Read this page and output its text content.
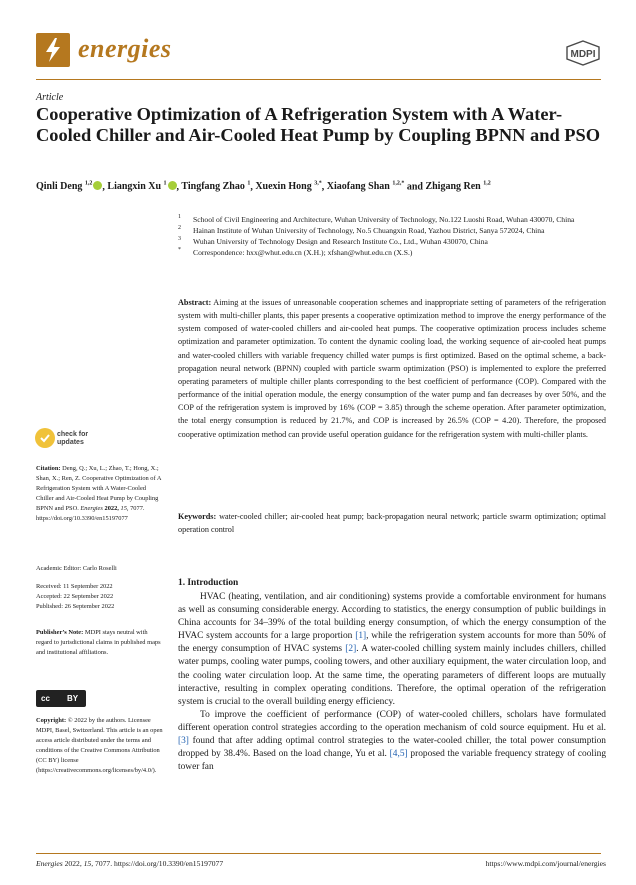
energies	MDPI
Article
Cooperative Optimization of A Refrigeration System with A Water-Cooled Chiller and Air-Cooled Heat Pump by Coupling BPNN and PSO
Qinli Deng $^{1,2}$ , Liangxin Xu $^1$ , Tingfang Zhao $^1$, Xuexin Hong $^{3,*}$, Xiaofang Shan $^{1,2,*}$ and Zhigang Ren $^{1,2}$
1 School of Civil Engineering and Architecture, Wuhan University of Technology, No.122 Luoshi Road, Wuhan 430070, China
2 Hainan Institute of Wuhan University of Technology, No.5 Chuangxin Road, Yazhou District, Sanya 572024, China
3 Wuhan University of Technology Design and Research Institute Co., Ltd., Wuhan 430070, China
* Correspondence: hxx@whut.edu.cn (X.H.); xfshan@whut.edu.cn (X.S.)
Abstract: Aiming at the issues of unreasonable cooperation schemes and inappropriate setting of parameters of the refrigeration system with multi-chiller plants, this paper presents a cooperative optimization method to improve the energy performance of the system composed of water-cooled chillers and air-cooled heat pumps. The cooperative optimization process includes scheme optimization and parameter optimization. To content the dynamic cooling load, the working sequence of air-cooled heat pumps and water-cooled chillers with variable frequency chilled water pumps is first optimized. Based on the optimal scheme, a back-propagation neural network (BPNN) coupled with particle swarm optimization (PSO) is implemented to explore the preferred operating parameters of multiple chiller plants corresponding to the best coefficient of performance (COP). Compared with the performance of the initial operation module, the energy consumption of the water pump and fan decreases by over 50%, and the COP of the refrigeration system is improved by 16% (COP = 3.85) through the scheme operation. After parameter optimization, the total energy consumption is reduced by 21.7%, and COP is increased by 26.5% (COP = 4.20). Therefore, the proposed cooperative optimization method can provide useful operation guidance for the refrigeration system with multi-chiller plants.
Keywords: water-cooled chiller; air-cooled heat pump; back-propagation neural network; particle swarm optimization; optimal operation control
check for
updates
Citation: Deng, Q.; Xu, L.; Zhao, T.; Hong, X.; Shan, X.; Ren, Z. Cooperative Optimization of A Refrigeration System with A Water-Cooled Chiller and Air-Cooled Heat Pump by Coupling BPNN and PSO. Energies 2022, 15, 7077. https://doi.org/10.3390/en15197077
Academic Editor: Carlo Roselli
Received: 11 September 2022
Accepted: 22 September 2022
Published: 26 September 2022
Publisher’s Note: MDPI stays neutral with regard to jurisdictional claims in published maps and institutional affiliations.
cc BY
Copyright: © 2022 by the authors. Licensee MDPI, Basel, Switzerland. This article is an open access article distributed under the terms and conditions of the Creative Commons Attribution (CC BY) license (https://creativecommons.org/licenses/by/4.0/).
1. Introduction

HVAC (heating, ventilation, and air conditioning) systems provide a comfortable environment for humans as well as consuming considerable energy. According to statistics, the energy consumption of public buildings in China accounts for 34–39% of the total building energy consumption, of which the energy consumption of the HVAC system accounts for a large proportion [1], while the refrigeration system accounts for more than 50% of the energy consumption of HVAC systems [2]. A water-cooled chilling system mainly includes chillers, chilled water pumps, cooling water pumps, cooling towers, and other auxiliary equipment, the water circulation loop, and the cooling water circulation loop. At the same time, the operating parameters of different loops are mutually interactive, resulting in complex operating conditions. Therefore, the optimal operation of the refrigeration system is crucial to the overall building energy efficiency.

To improve the coefficient of performance (COP) of water-cooled chillers, scholars have formulated different operation control strategies according to the operation mechanism of cold source equipment. Hu et al. [3] found that after adding optimal control strategies to the water-cooled chiller, the total power consumption dropped by 38.4%. Based on the load change, Yu et al. [4,5] proposed the variable frequency strategy of cooling tower fan

Energies 2022, 15, 7077. https://doi.org/10.3390/en15197077	https://www.mdpi.com/journal/energies
